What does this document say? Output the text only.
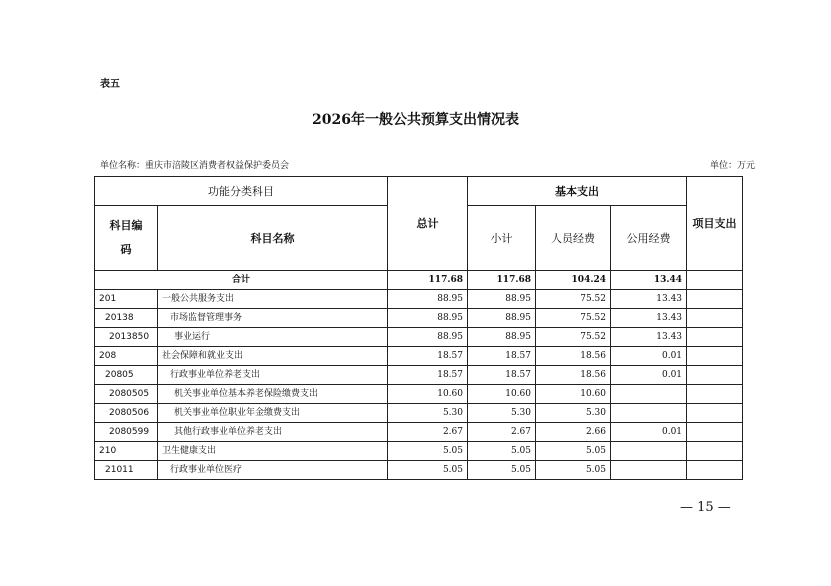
表五
2026年一般公共预算支出情况表
单位名称：重庆市涪陵区消费者权益保护委员会	单位：万元
功能分类科目		总计	基本支出			项目支出
科目编
码	科目名称		小计	人员经费	公用经费	
合计		117.68	117.68	104.24	13.44	
201	一般公共服务支出	88.95	88.95	75.52	13.43	
20138	市场监督管理事务	88.95	88.95	75.52	13.43	
2013850	事业运行	88.95	88.95	75.52	13.43	
208	社会保障和就业支出	18.57	18.57	18.56	0.01	
20805	行政事业单位养老支出	18.57	18.57	18.56	0.01	
2080505	机关事业单位基本养老保险缴费支出	10.60	10.60	10.60		
2080506	机关事业单位职业年金缴费支出	5.30	5.30	5.30		
2080599	其他行政事业单位养老支出	2.67	2.67	2.66	0.01	
210	卫生健康支出	5.05	5.05	5.05		
21011	行政事业单位医疗	5.05	5.05	5.05		
— 15 —
